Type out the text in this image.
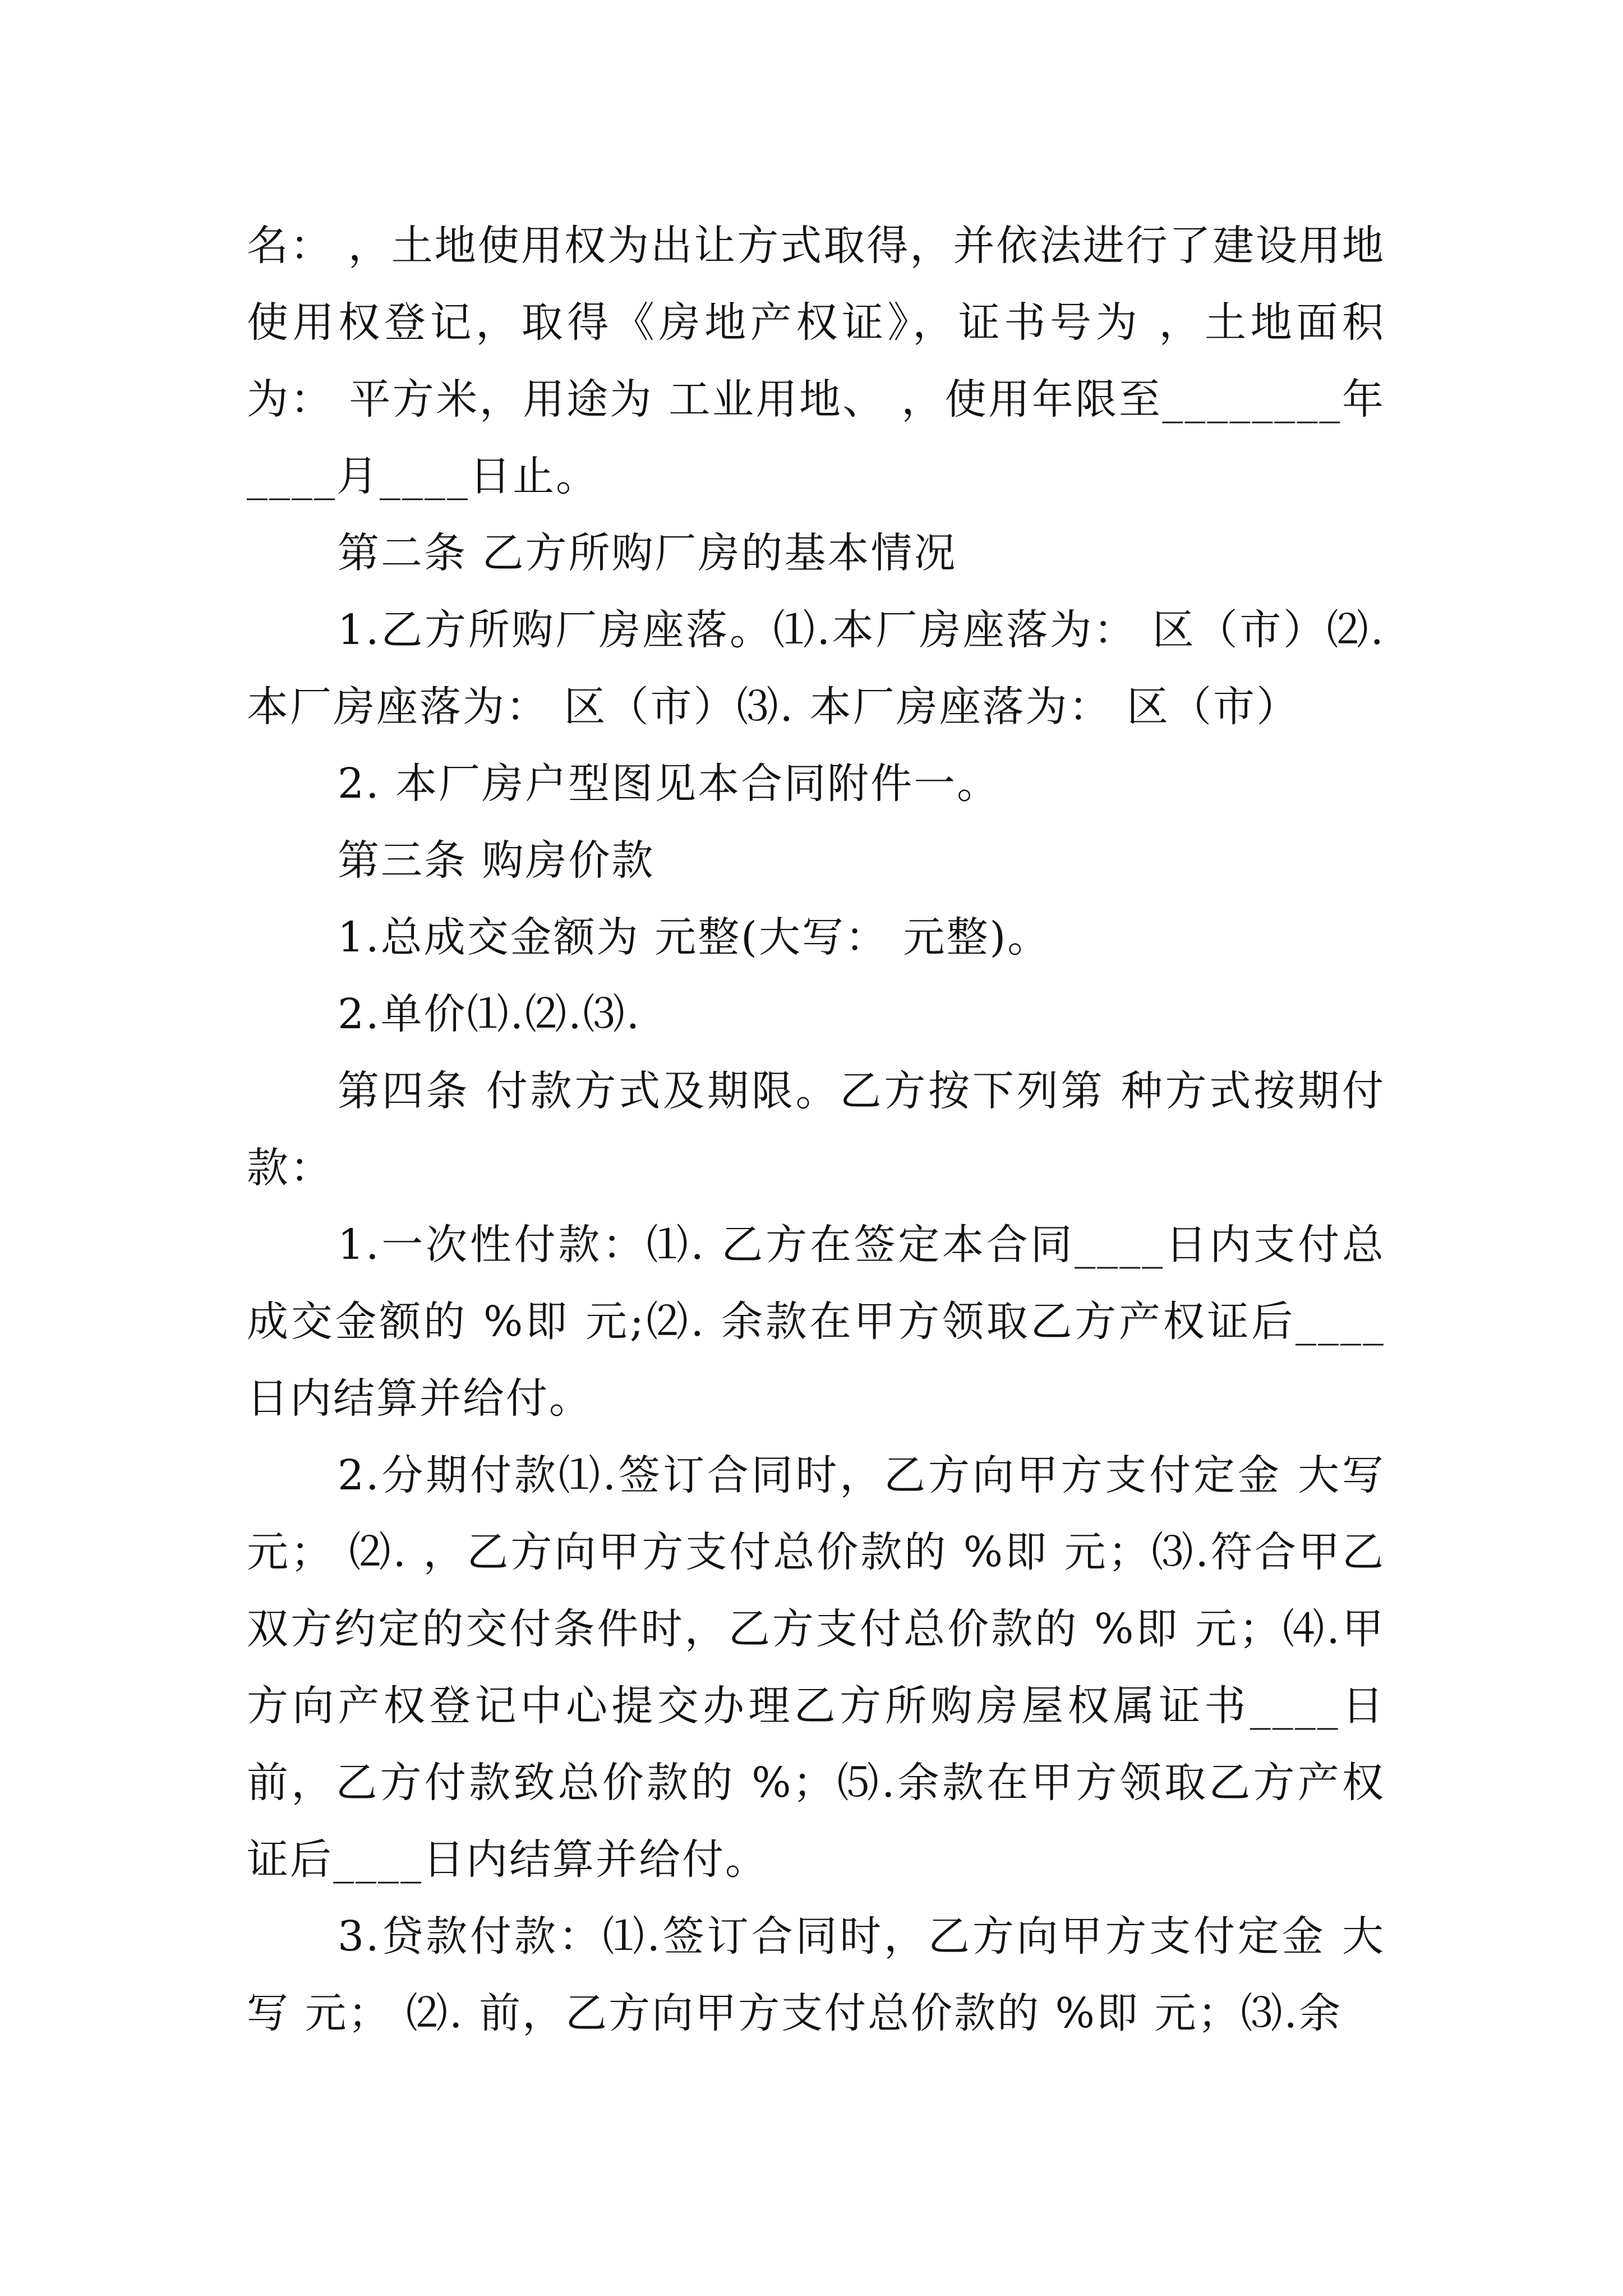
名： ，土地使用权为出让方式取得，并依法进行了建设用地使用权登记，取得《房地产权证》，证书号为 ，土地面积为： 平方米，用途为 工业用地、 ，使用年限至________年____月____日止。

第二条 乙方所购厂房的基本情况

1.乙方所购厂房座落。⑴.本厂房座落为： 区（市）⑵. 本厂房座落为： 区（市）⑶. 本厂房座落为： 区（市）

2. 本厂房户型图见本合同附件一。

第三条 购房价款

1.总成交金额为 元整(大写： 元整)。

2.单价⑴.⑵.⑶.

第四条 付款方式及期限。乙方按下列第 种方式按期付款：

1.一次性付款：⑴. 乙方在签定本合同____日内支付总成交金额的 %即 元;⑵. 余款在甲方领取乙方产权证后____日内结算并给付。

2.分期付款⑴.签订合同时，乙方向甲方支付定金 大写 元； ⑵. ，乙方向甲方支付总价款的 %即 元；⑶.符合甲乙双方约定的交付条件时，乙方支付总价款的 %即 元；⑷.甲方向产权登记中心提交办理乙方所购房屋权属证书____日前，乙方付款致总价款的 %；⑸.余款在甲方领取乙方产权证后____日内结算并给付。

3.贷款付款：⑴.签订合同时，乙方向甲方支付定金 大写 元； ⑵. 前，乙方向甲方支付总价款的 %即 元；⑶.余
